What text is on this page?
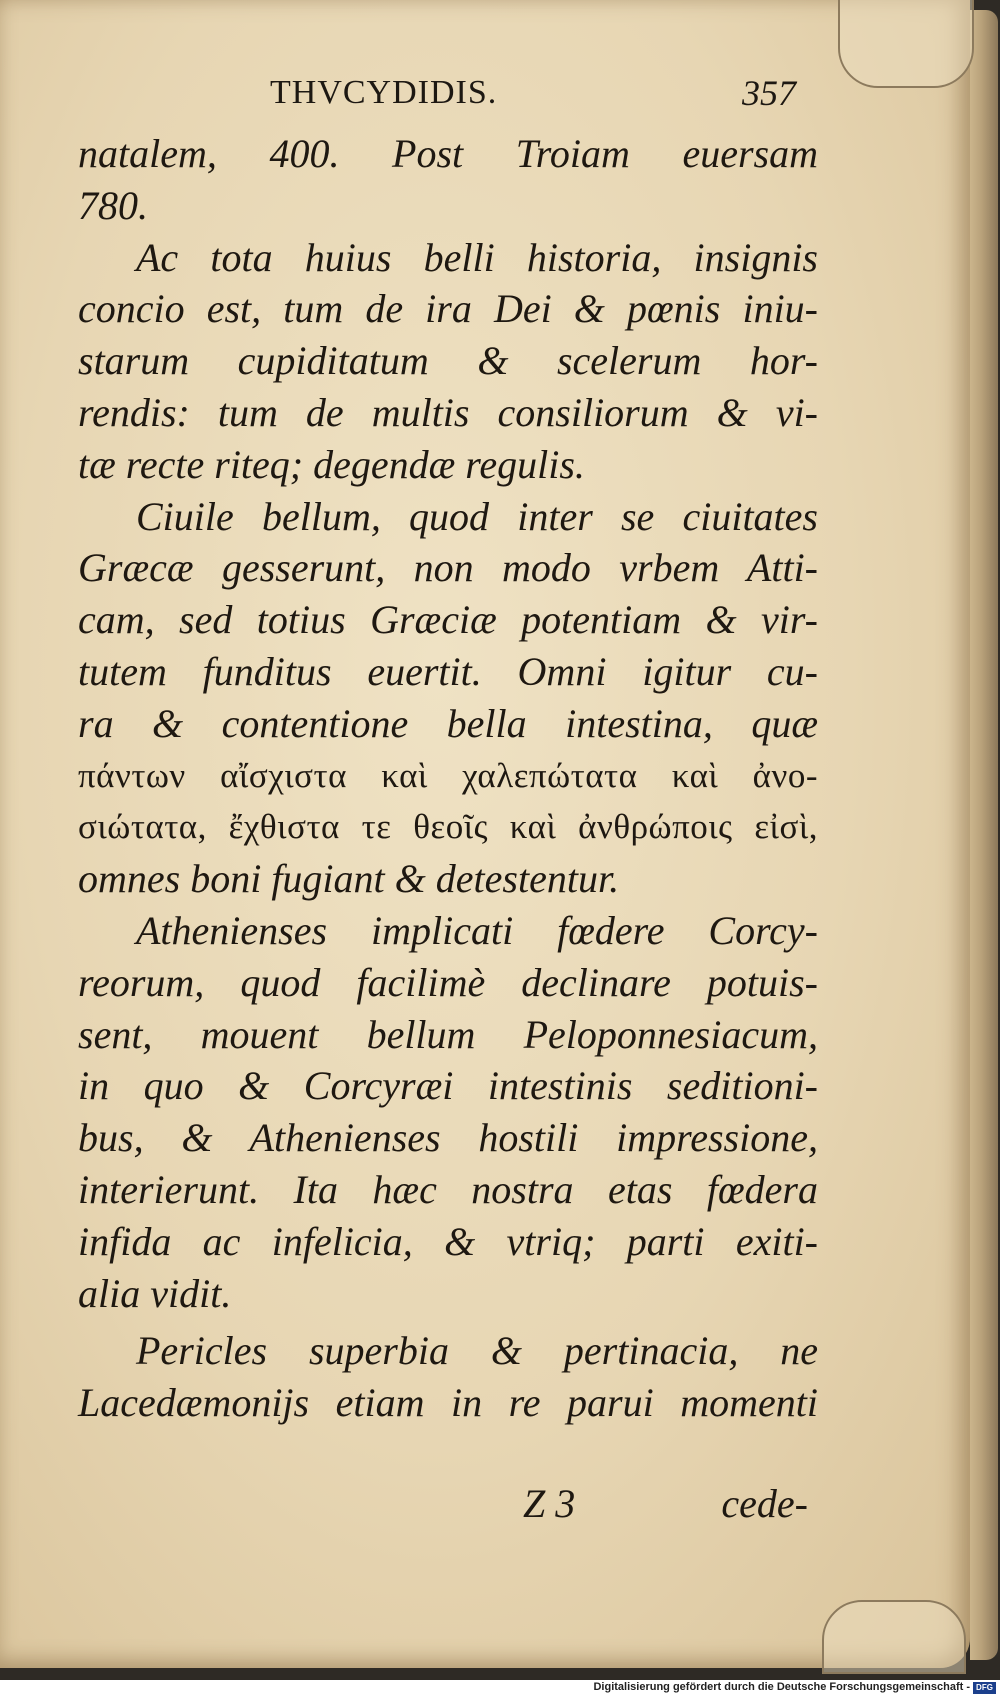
THVCYDIDIS.	357
natalem, 400. Post Troiam euersam
780.
Ac tota huius belli historia, insignis
concio est, tum de ira Dei & pœnis iniu-
starum cupiditatum & scelerum hor-
rendis: tum de multis consiliorum & vi-
tæ recte riteq; degendæ regulis.
Ciuile bellum, quod inter se ciuitates
Græcæ gesserunt, non modo vrbem Atti-
cam, sed totius Græciæ potentiam & vir-
tutem funditus euertit. Omni igitur cu-
ra & contentione bella intestina, quæ
πάντων αἴσχιστα καὶ χαλεπώτατα καὶ ἀνο-
σιώτατα, ἔχθιστα τε θεοῖς καὶ ἀνθρώποις εἰσὶ,
omnes boni fugiant & detestentur.
Athenienses implicati fœdere Corcy-
reorum, quod facilimè declinare potuis-
sent, mouent bellum Peloponnesiacum,
in quo & Corcyræi intestinis seditioni-
bus, & Athenienses hostili impressione,
interierunt. Ita hæc nostra etas fœdera
infida ac infelicia, & vtriq; parti exiti-
alia vidit.
Pericles superbia & pertinacia, ne
Lacedæmonijs etiam in re parui momenti
Z 3	cede-
Digitalisierung gefördert durch die Deutsche Forschungsgemeinschaft - DFG
